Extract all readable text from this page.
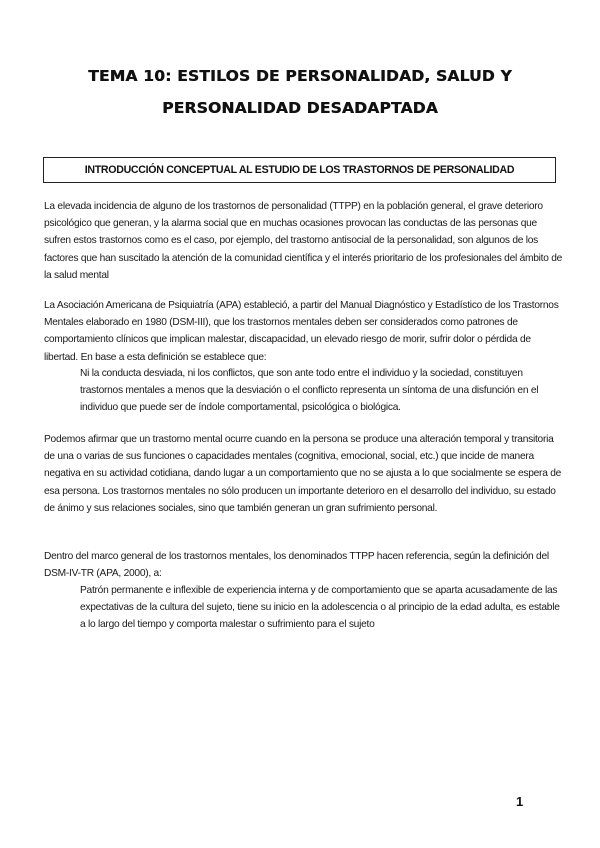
TEMA 10: ESTILOS DE PERSONALIDAD, SALUD Y
PERSONALIDAD DESADAPTADA
INTRODUCCIÓN CONCEPTUAL AL ESTUDIO DE LOS TRASTORNOS DE PERSONALIDAD

La elevada incidencia de alguno de los trastornos de personalidad (TTPP) en la población general, el grave deterioro psicológico que generan, y la alarma social que en muchas ocasiones provocan las conductas de las personas que sufren estos trastornos como es el caso, por ejemplo, del trastorno antisocial de la personalidad, son algunos de los factores que han suscitado la atención de la comunidad científica y el interés prioritario de los profesionales del ámbito de la salud mental

La Asociación Americana de Psiquiatría (APA) estableció, a partir del Manual Diagnóstico y Estadístico de los Trastornos Mentales elaborado en 1980 (DSM-III), que los trastornos mentales deben ser considerados como patrones de comportamiento clínicos que implican malestar, discapacidad, un elevado riesgo de morir, sufrir dolor o pérdida de libertad. En base a esta definición se establece que:

Ni la conducta desviada, ni los conflictos, que son ante todo entre el individuo y la sociedad, constituyen trastornos mentales a menos que la desviación o el conflicto representa un síntoma de una disfunción en el individuo que puede ser de índole comportamental, psicológica o biológica.

Podemos afirmar que un trastorno mental ocurre cuando en la persona se produce una alteración temporal y transitoria de una o varias de sus funciones o capacidades mentales (cognitiva, emocional, social, etc.) que incide de manera negativa en su actividad cotidiana, dando lugar a un comportamiento que no se ajusta a lo que socialmente se espera de esa persona. Los trastornos mentales no sólo producen un importante deterioro en el desarrollo del individuo, su estado de ánimo y sus relaciones sociales, sino que también generan un gran sufrimiento personal.

Dentro del marco general de los trastornos mentales, los denominados TTPP hacen referencia, según la definición del DSM-IV-TR (APA, 2000), a:

Patrón permanente e inflexible de experiencia interna y de comportamiento que se aparta acusadamente de las expectativas de la cultura del sujeto, tiene su inicio en la adolescencia o al principio de la edad adulta, es estable a lo largo del tiempo y comporta malestar o sufrimiento para el sujeto

1
